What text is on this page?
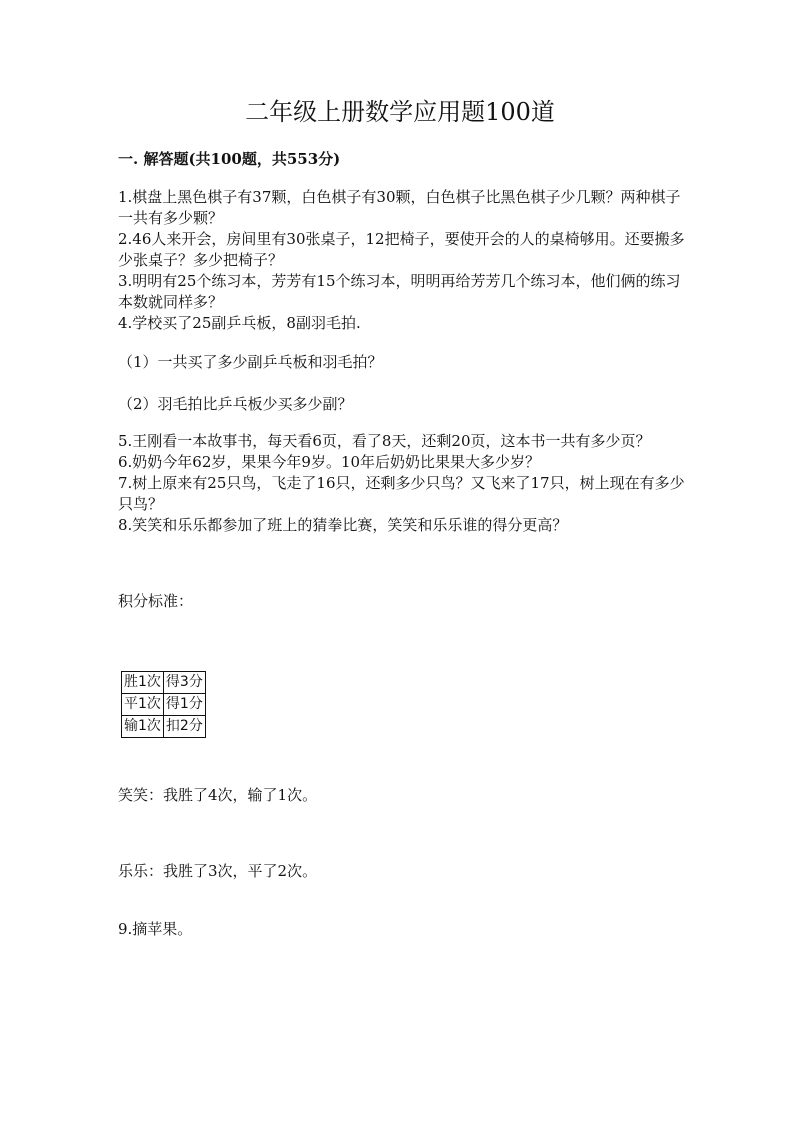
二年级上册数学应用题100道
一. 解答题(共100题，共553分)

1.棋盘上黑色棋子有37颗，白色棋子有30颗，白色棋子比黑色棋子少几颗？两种棋子一共有多少颗？

2.46人来开会，房间里有30张桌子，12把椅子，要使开会的人的桌椅够用。还要搬多少张桌子？多少把椅子？

3.明明有25个练习本，芳芳有15个练习本，明明再给芳芳几个练习本，他们俩的练习本数就同样多？

4.学校买了25副乒乓板，8副羽毛拍.

（1）一共买了多少副乒乓板和羽毛拍？
（2）羽毛拍比乒乓板少买多少副？

5.王刚看一本故事书，每天看6页，看了8天，还剩20页，这本书一共有多少页？

6.奶奶今年62岁，果果今年9岁。10年后奶奶比果果大多少岁？

7.树上原来有25只鸟，飞走了16只，还剩多少只鸟？又飞来了17只，树上现在有多少只鸟？

8.笑笑和乐乐都参加了班上的猜拳比赛，笑笑和乐乐谁的得分更高？

积分标准：
胜1次	得3分
平1次	得1分
输1次	扣2分
笑笑：我胜了4次，输了1次。
乐乐：我胜了3次，平了2次。
9.摘苹果。
